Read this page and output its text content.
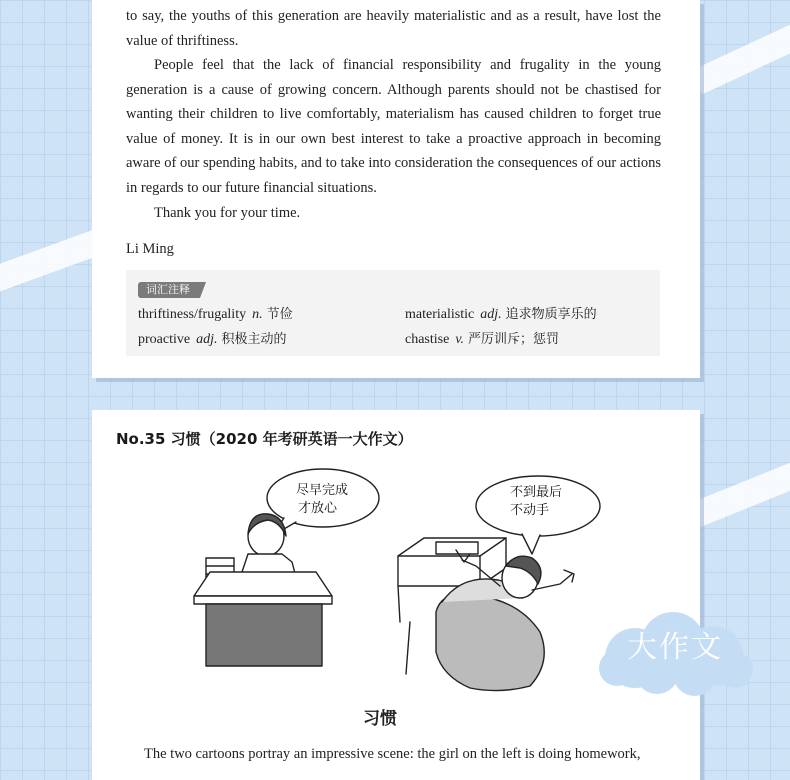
to say, the youths of this generation are heavily materialistic and as a result, have lost the value of thriftiness.

People feel that the lack of financial responsibility and frugality in the young generation is a cause of growing concern. Although parents should not be chastised for wanting their children to live comfortably, materialism has caused children to forget true value of money. It is in our own best interest to take a proactive approach in becoming aware of our spending habits, and to take into consideration the consequences of our actions in regards to our future financial situations.

Thank you for your time.

Li Ming

词汇注释
thriftiness/frugality n. 节俭	materialistic adj. 追求物质享乐的
proactive adj. 积极主动的	chastise v. 严厉训斥；惩罚
No.35 习惯（2020 年考研英语一大作文）
尽早完成
才放心
不到最后
不动手
习惯
大作文

The two cartoons portray an impressive scene: the girl on the left is doing homework,
